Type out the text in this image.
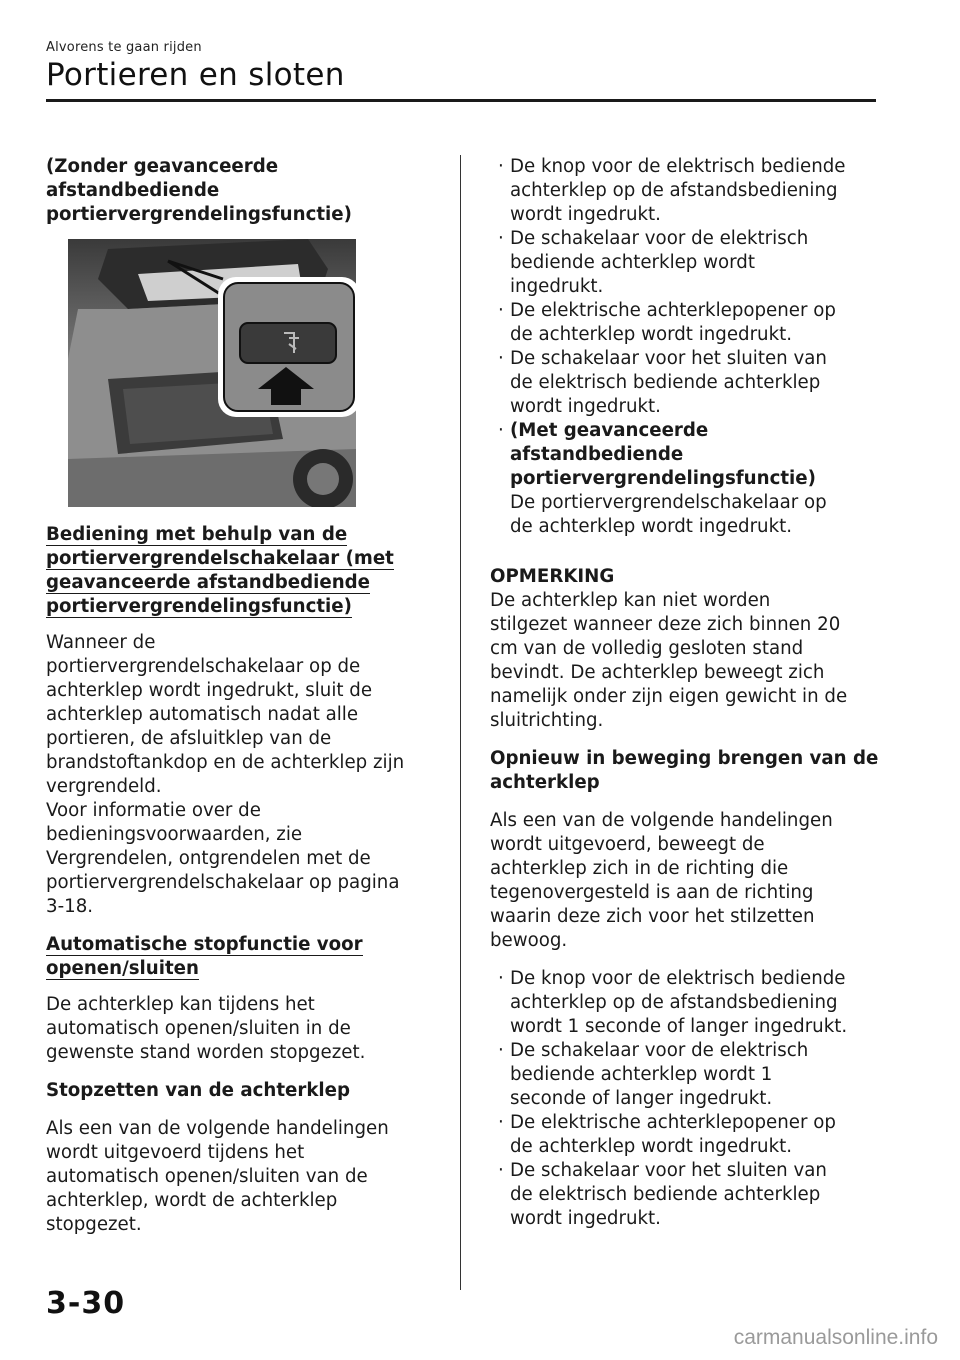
Alvorens te gaan rijden
Portieren en sloten
(Zonder geavanceerde
afstandbediende
portiervergrendelingsfunctie)
Bediening met behulp van de
portiervergrendelschakelaar (met
geavanceerde afstandbediende
portiervergrendelingsfunctie)
Wanneer de
portiervergrendelschakelaar op de
achterklep wordt ingedrukt, sluit de
achterklep automatisch nadat alle
portieren, de afsluitklep van de
brandstoftankdop en de achterklep zijn
vergrendeld.
Voor informatie over de
bedieningsvoorwaarden, zie
Vergrendelen, ontgrendelen met de
portiervergrendelschakelaar op pagina
3-18.
Automatische stopfunctie voor
openen/sluiten
De achterklep kan tijdens het
automatisch openen/sluiten in de
gewenste stand worden stopgezet.
Stopzetten van de achterklep
Als een van de volgende handelingen
wordt uitgevoerd tijdens het
automatisch openen/sluiten van de
achterklep, wordt de achterklep
stopgezet.
· De knop voor de elektrisch bediende
achterklep op de afstandsbediening
wordt ingedrukt.
· De schakelaar voor de elektrisch
bediende achterklep wordt
ingedrukt.
· De elektrische achterklepopener op
de achterklep wordt ingedrukt.
· De schakelaar voor het sluiten van
de elektrisch bediende achterklep
wordt ingedrukt.
· (Met geavanceerde
afstandbediende
portiervergrendelingsfunctie)
De portiervergrendelschakelaar op
de achterklep wordt ingedrukt.
OPMERKING
De achterklep kan niet worden
stilgezet wanneer deze zich binnen 20
cm van de volledig gesloten stand
bevindt. De achterklep beweegt zich
namelijk onder zijn eigen gewicht in de
sluitrichting.
Opnieuw in beweging brengen van de
achterklep
Als een van de volgende handelingen
wordt uitgevoerd, beweegt de
achterklep zich in de richting die
tegenovergesteld is aan de richting
waarin deze zich voor het stilzetten
bewoog.
· De knop voor de elektrisch bediende
achterklep op de afstandsbediening
wordt 1 seconde of langer ingedrukt.
· De schakelaar voor de elektrisch
bediende achterklep wordt 1
seconde of langer ingedrukt.
· De elektrische achterklepopener op
de achterklep wordt ingedrukt.
· De schakelaar voor het sluiten van
de elektrisch bediende achterklep
wordt ingedrukt.
3-30
carmanualsonline.info
